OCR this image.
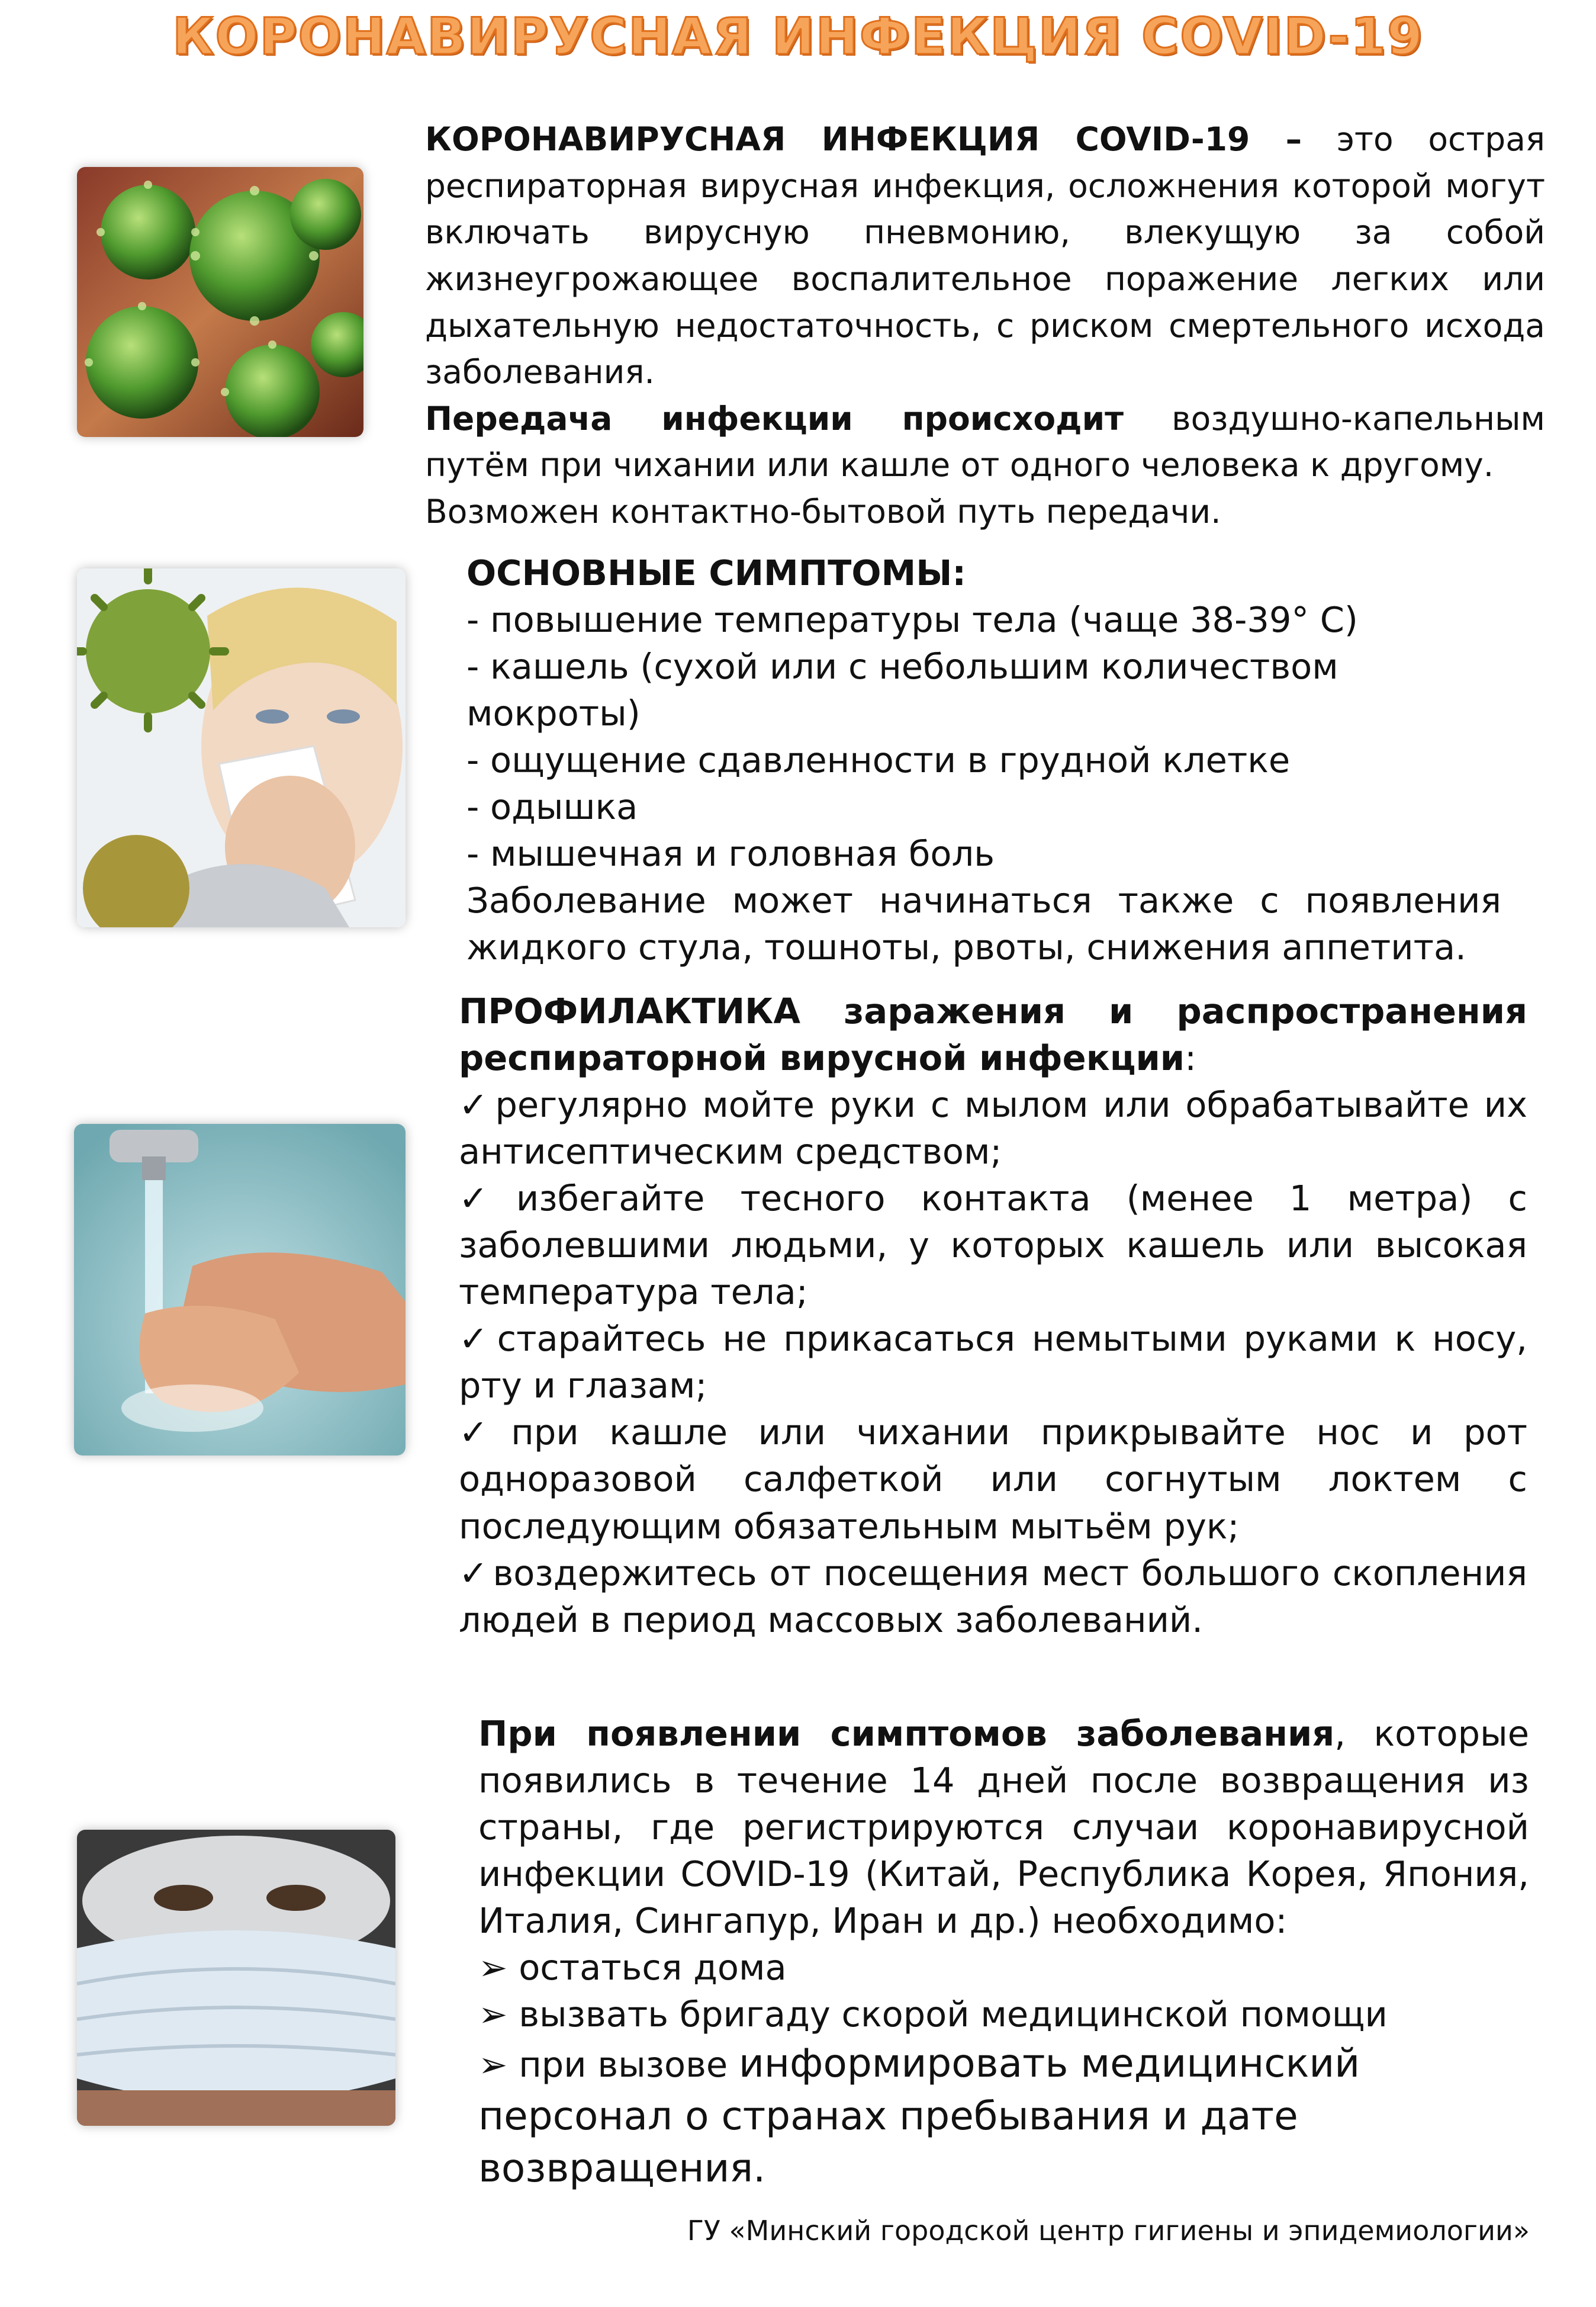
КОРОНАВИРУСНАЯ ИНФЕКЦИЯ COVID-19

КОРОНАВИРУСНАЯ ИНФЕКЦИЯ COVID-19 – это острая респираторная вирусная инфекция, осложнения которой могут включать вирусную пневмонию, влекущую за собой жизнеугрожающее воспалительное поражение легких или дыхательную недостаточность, с риском смертельного исхода заболевания.

Передача инфекции происходит воздушно-капельным путём при чихании или кашле от одного человека к другому.

Возможен контактно-бытовой путь передачи.

ОСНОВНЫЕ СИМПТОМЫ:

- повышение температуры тела (чаще 38-39° С)

- кашель (сухой или с небольшим количеством мокроты)

- ощущение сдавленности в грудной клетке

- одышка

- мышечная и головная боль

Заболевание может начинаться также с появления жидкого стула, тошноты, рвоты, снижения аппетита.

ПРОФИЛАКТИКА заражения и распространения респираторной вирусной инфекции:

✓ регулярно мойте руки с мылом или обрабатывайте их антисептическим средством;

✓ избегайте тесного контакта (менее 1 метра) с заболевшими людьми, у которых кашель или высокая температура тела;

✓ старайтесь не прикасаться немытыми руками к носу, рту и глазам;

✓ при кашле или чихании прикрывайте нос и рот одноразовой салфеткой или согнутым локтем с последующим обязательным мытьём рук;

✓ воздержитесь от посещения мест большого скопления людей в период массовых заболеваний.

При появлении симптомов заболевания, которые появились в течение 14 дней после возвращения из страны, где регистрируются случаи коронавирусной инфекции COVID-19 (Китай, Республика Корея, Япония, Италия, Сингапур, Иран и др.) необходимо:

➢ остаться дома

➢ вызвать бригаду скорой медицинской помощи

➢ при вызове информировать медицинский персонал о странах пребывания и дате возвращения.

ГУ «Минский городской центр гигиены и эпидемиологии»
